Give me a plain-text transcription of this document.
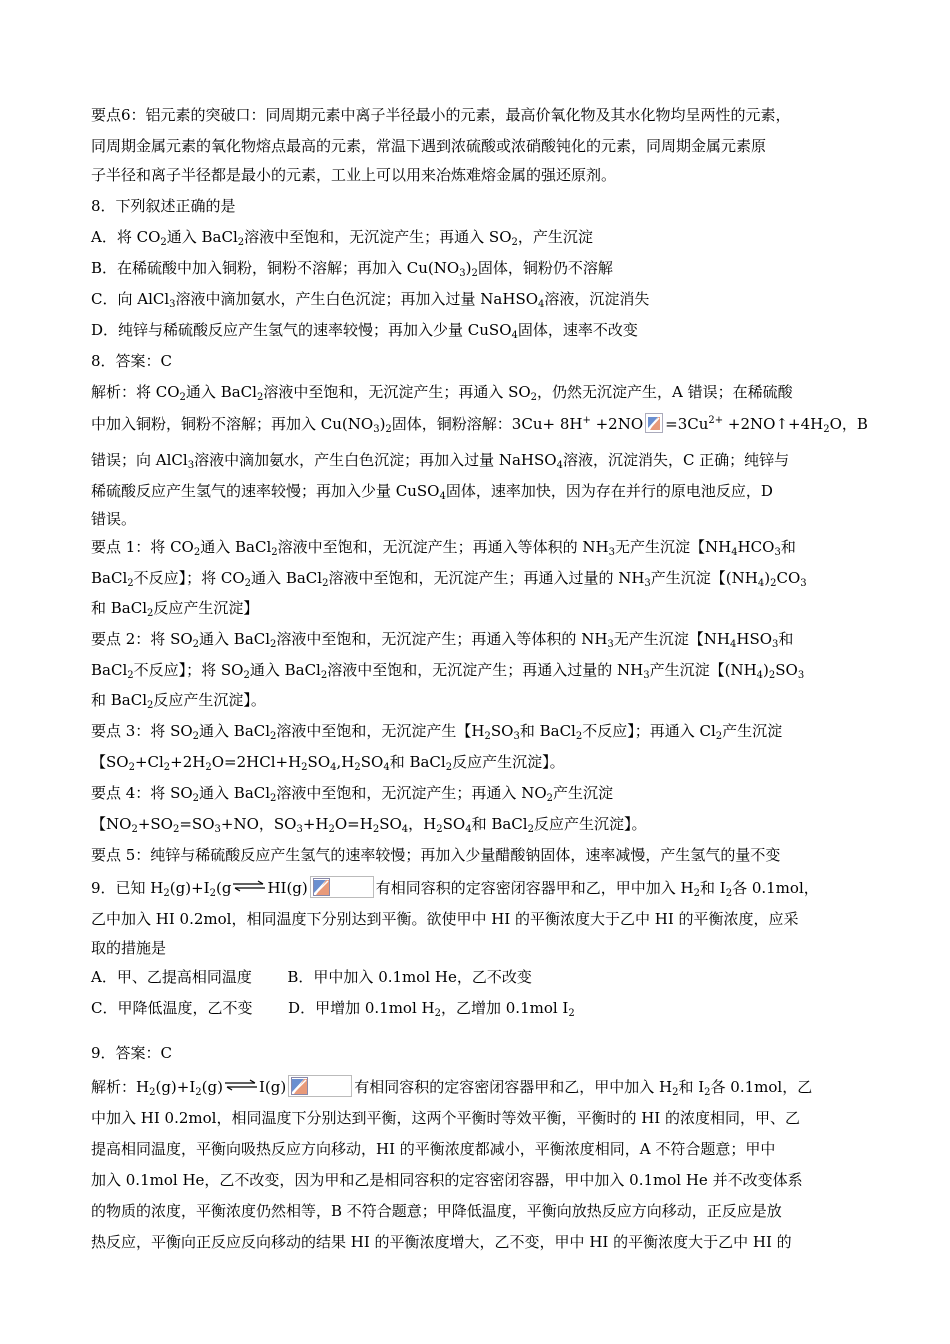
要点6：铝元素的突破口：同周期元素中离子半径最小的元素，最高价氧化物及其水化物均呈两性的元素，
同周期金属元素的氧化物熔点最高的元素，常温下遇到浓硫酸或浓硝酸钝化的元素，同周期金属元素原
子半径和离子半径都是最小的元素，工业上可以用来冶炼难熔金属的强还原剂。
8．下列叙述正确的是
A．将 $CO_2$通入 BaCl$_2$溶液中至饱和，无沉淀产生；再通入 $SO_2$，产生沉淀
B．在稀硫酸中加入铜粉，铜粉不溶解；再加入 $Cu(NO_3)_2$固体，铜粉仍不溶解
C．向 AlCl$_3$溶液中滴加氨水，产生白色沉淀；再加入过量 NaHSO$_4$溶液，沉淀消失
D．纯锌与稀硫酸反应产生氢气的速率较慢；再加入少量 CuSO$_4$固体，速率不改变
8．答案：C
解析：将 $CO_2$通入 BaCl$_2$溶液中至饱和，无沉淀产生；再通入 $SO_2$，仍然无沉淀产生，A 错误；在稀硫酸
中加入铜粉，铜粉不溶解；再加入 $Cu(NO_3)_2$固体，铜粉溶解：$3Cu+ 8H^+ +2NO =3Cu^{2+}$ $+2NO↑+4H_2O$，B
错误；向 AlCl$_3$溶液中滴加氨水，产生白色沉淀；再加入过量 NaHSO$_4$溶液，沉淀消失，C 正确；纯锌与
稀硫酸反应产生氢气的速率较慢；再加入少量 CuSO$_4$固体，速率加快，因为存在并行的原电池反应，D
错误。
要点 1：将 $CO_2$通入 BaCl$_2$溶液中至饱和，无沉淀产生；再通入等体积的 $NH_3$无产生沉淀【$NH_4HCO_3$和
BaCl$_2$不反应】；将 $CO_2$通入 BaCl$_2$溶液中至饱和，无沉淀产生；再通入过量的 $NH_3$产生沉淀【$(NH_4)_2CO_3$
和 BaCl$_2$反应产生沉淀】
要点 2：将 $SO_2$通入 BaCl$_2$溶液中至饱和，无沉淀产生；再通入等体积的 $NH_3$无产生沉淀【$NH_4HSO_3$和
BaCl$_2$不反应】；将 $SO_2$通入 BaCl$_2$溶液中至饱和，无沉淀产生；再通入过量的 $NH_3$产生沉淀【$(NH_4)_2SO_3$
和 BaCl$_2$反应产生沉淀】。
要点 3：将 $SO_2$通入 BaCl$_2$溶液中至饱和，无沉淀产生【$H_2SO_3$和 BaCl$_2$不反应】；再通入 $Cl_2$产生沉淀
【$SO_2+Cl_2+2H_2O=2HCl+H_2SO_4,H_2SO_4$和 BaCl$_2$反应产生沉淀】。
要点 4：将 $SO_2$通入 BaCl$_2$溶液中至饱和，无沉淀产生；再通入 $NO_2$产生沉淀
【$NO_2+SO_2=SO_3+NO$，$SO_3+H_2O=H_2SO_4$，$H_2SO_4$和 BaCl$_2$反应产生沉淀】。
要点 5：纯锌与稀硫酸反应产生氢气的速率较慢；再加入少量醋酸钠固体，速率减慢，产生氢气的量不变
9．已知 $H_2(g)+I_2(g\rightleftharpoons HI(g)$	有相同容积的定容密闭容器甲和乙，甲中加入 $H_2$和 $I_2$各 0.1mol，
乙中加入 HI 0.2mol，相同温度下分别达到平衡。欲使甲中 HI 的平衡浓度大于乙中 HI 的平衡浓度，应采
取的措施是
A．甲、乙提高相同温度 B．甲中加入 0.1mol He，乙不改变
C．甲降低温度，乙不变 D．甲增加 0.1mol $H_2$，乙增加 0.1mol $I_2$
9．答案：C
解析：$H_2(g)+I_2(g)\rightleftharpoons I(g)$	有相同容积的定容密闭容器甲和乙，甲中加入 $H_2$和 $I_2$各 0.1mol，乙
中加入 HI 0.2mol，相同温度下分别达到平衡，这两个平衡时等效平衡，平衡时的 HI 的浓度相同，甲、乙
提高相同温度，平衡向吸热反应方向移动，HI 的平衡浓度都减小，平衡浓度相同，A 不符合题意；甲中
加入 0.1mol He，乙不改变，因为甲和乙是相同容积的定容密闭容器，甲中加入 0.1mol He 并不改变体系
的物质的浓度，平衡浓度仍然相等，B 不符合题意；甲降低温度，平衡向放热反应方向移动，正反应是放
热反应，平衡向正反应反向移动的结果 HI 的平衡浓度增大，乙不变，甲中 HI 的平衡浓度大于乙中 HI 的
